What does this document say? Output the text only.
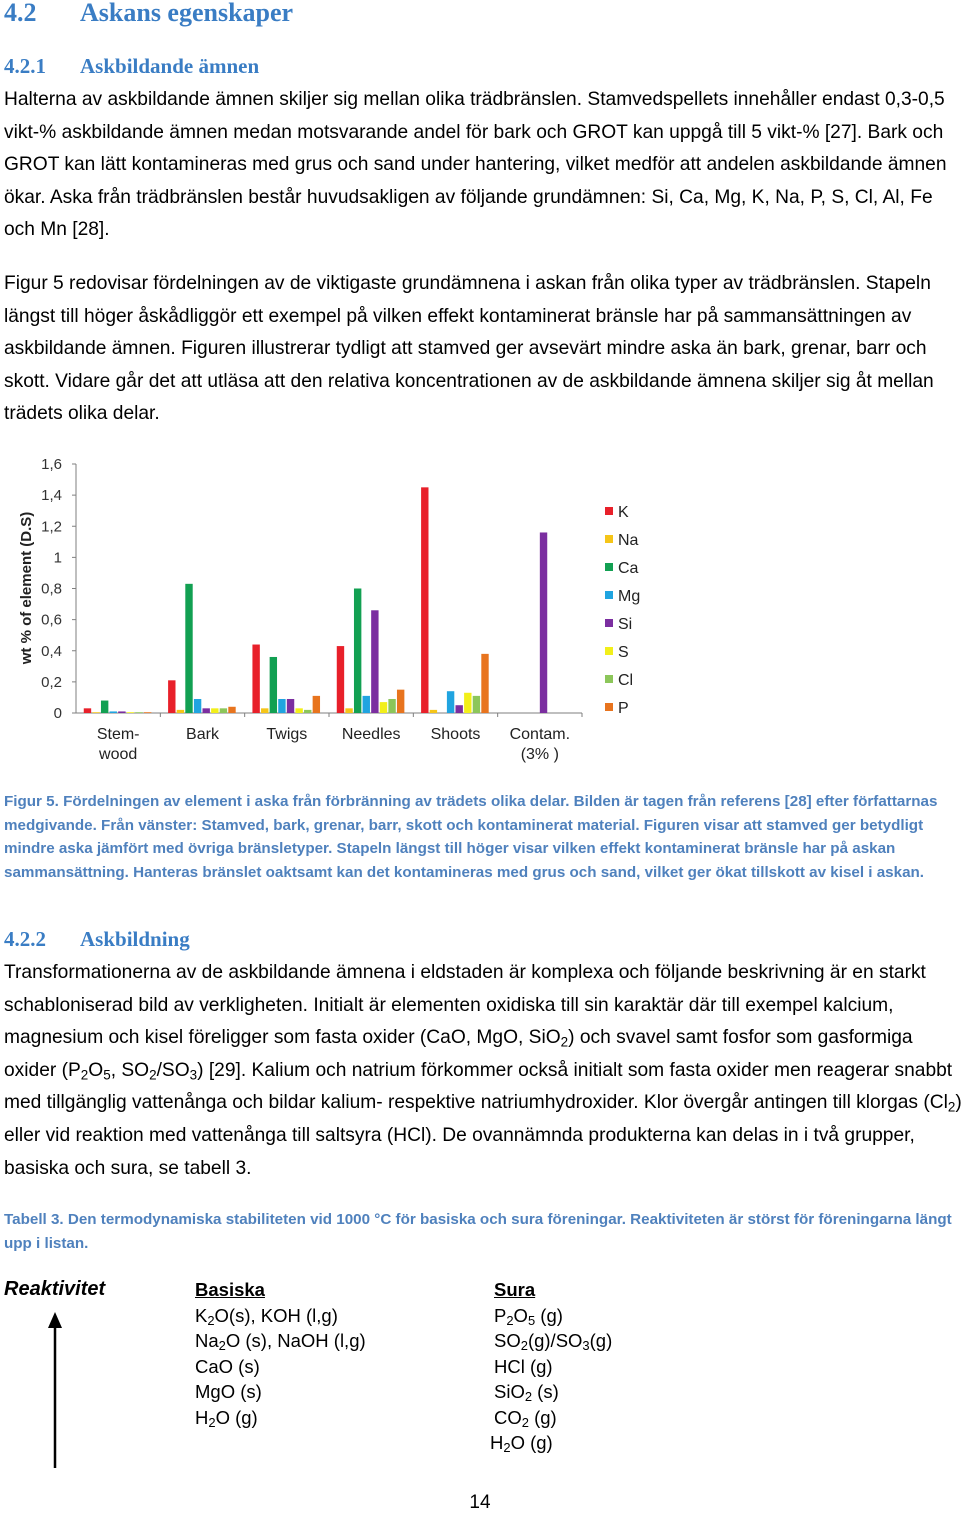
4.2 Askans egenskaper
4.2.1 Askbildande ämnen

Halterna av askbildande ämnen skiljer sig mellan olika trädbränslen. Stamvedspellets innehåller endast 0,3-0,5 vikt-% askbildande ämnen medan motsvarande andel för bark och GROT kan uppgå till 5 vikt-% [27]. Bark och GROT kan lätt kontamineras med grus och sand under hantering, vilket medför att andelen askbildande ämnen ökar. Aska från trädbränslen består huvudsakligen av följande grundämnen: Si, Ca, Mg, K, Na, P, S, Cl, Al, Fe och Mn [28].

Figur 5 redovisar fördelningen av de viktigaste grundämnena i askan från olika typer av trädbränslen. Stapeln längst till höger åskådliggör ett exempel på vilken effekt kontaminerat bränsle har på sammansättningen av askbildande ämnen. Figuren illustrerar tydligt att stamved ger avsevärt mindre aska än bark, grenar, barr och skott. Vidare går det att utläsa att den relativa koncentrationen av de askbildande ämnena skiljer sig åt mellan trädets olika delar.

0
0,2
0,4
0,6
0,8
1
1,2
1,4
1,6
wt % of element (D.S)
Stem-
wood
Bark	Twigs Needles Shoots Contam.
(3% )
K
Na
Ca
Mg
Si
S
Cl
P

Figur 5. Fördelningen av element i aska från förbränning av trädets olika delar. Bilden är tagen från referens [28] efter författarnas medgivande. Från vänster: Stamved, bark, grenar, barr, skott och kontaminerat material. Figuren visar att stamved ger betydligt mindre aska jämfört med övriga bränsletyper. Stapeln längst till höger visar vilken effekt kontaminerat bränsle har på askan sammansättning. Hanteras bränslet oaktsamt kan det kontamineras med grus och sand, vilket ger ökat tillskott av kisel i askan.

4.2.2 Askbildning

Transformationerna av de askbildande ämnena i eldstaden är komplexa och följande beskrivning är en starkt schabloniserad bild av verkligheten. Initialt är elementen oxidiska till sin karaktär där till exempel kalcium, magnesium och kisel föreligger som fasta oxider (CaO, MgO, SiO$_2$) och svavel samt fosfor som gasformiga oxider ($P_2O_5$, $SO_2/SO_3$) [29]. Kalium och natrium förkommer också initialt som fasta oxider men reagerar snabbt med tillgänglig vattenånga och bildar kalium- respektive natriumhydroxider. Klor övergår antingen till klorgas $(Cl_2)$ eller vid reaktion med vattenånga till saltsyra (HCl). De ovannämnda produkterna kan delas in i två grupper, basiska och sura, se tabell 3.

Tabell 3. Den termodynamiska stabiliteten vid 1000 °C för basiska och sura föreningar. Reaktiviteten är störst för föreningarna längt upp i listan.

Reaktivitet	Basiska
$K_2O(s)$, KOH (l,g)
$Na_2O$ (s), NaOH (l,g)
CaO (s)
MgO (s)
$H_2O$ (g)
Sura
$P_2O_5$ (g)
$SO_2(g)/SO_3(g)$
HCl (g)
SiO$_2$ (s)
$CO_2$ (g)
$H_2O$ (g)
14
